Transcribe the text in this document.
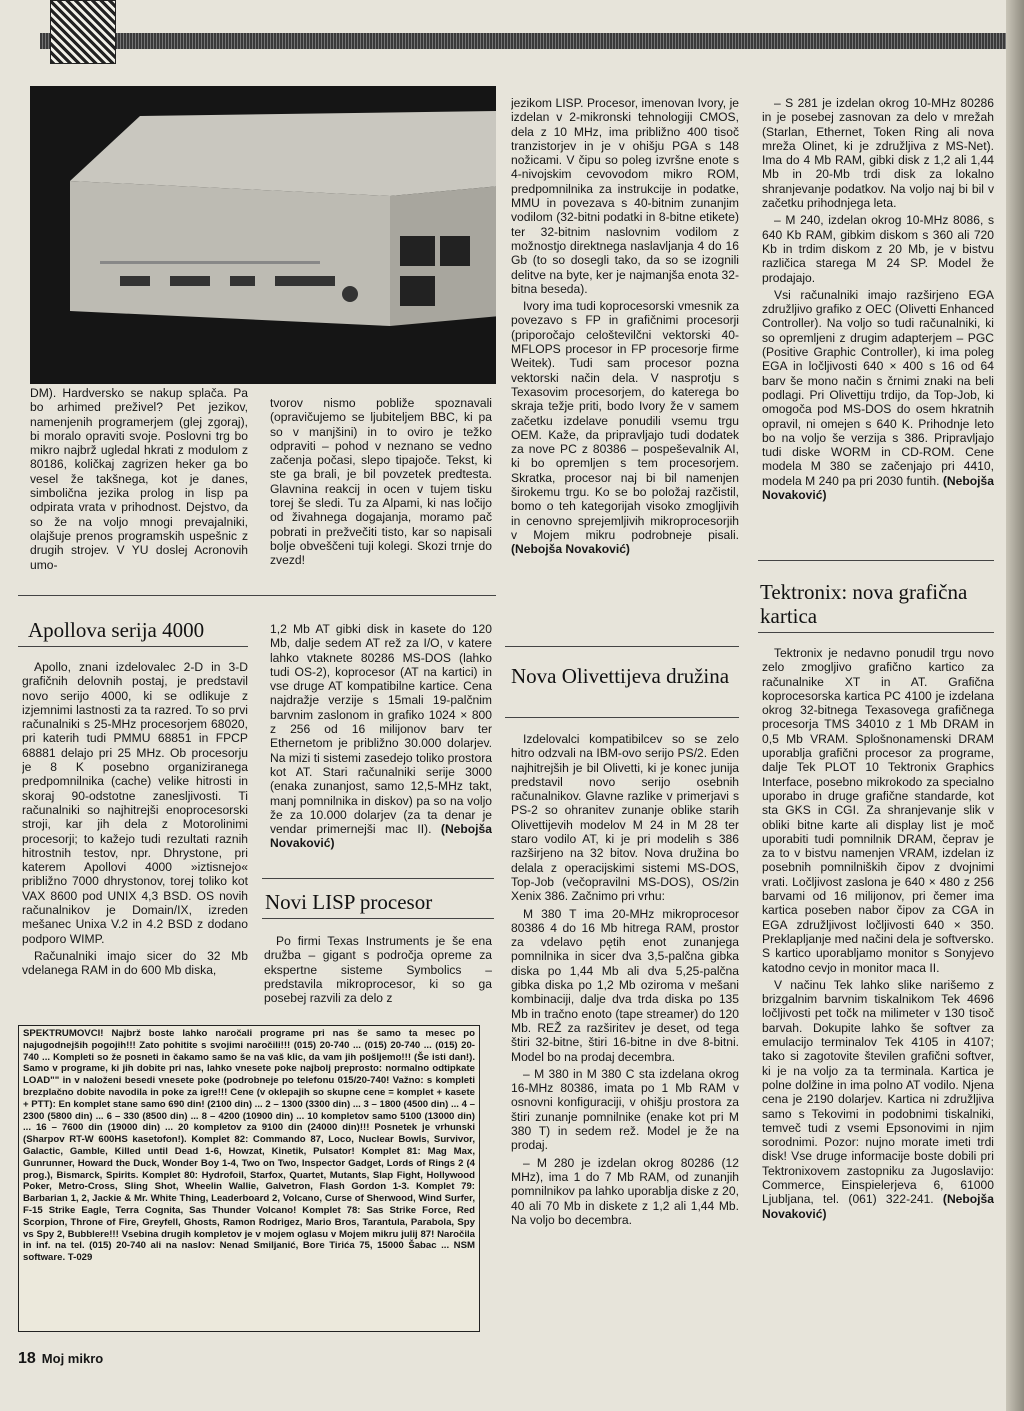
DM). Hardversko se nakup splača. Pa bo arhimed preživel? Pet jezikov, namenjenih programerjem (glej zgoraj), bi moralo opraviti svoje. Poslovni trg bo mikro najbrž ugledal hkrati z modulom z 80186, količkaj zagrizen heker ga bo vesel že takšnega, kot je danes, simbolična jezika prolog in lisp pa odpirata vrata v prihodnost. Dejstvo, da so že na voljo mnogi prevajalniki, olajšuje prenos programskih uspešnic z drugih strojev. V YU doslej Acronovih umo-

tvorov nismo pobliže spoznavali (opravičujemo se ljubiteljem BBC, ki pa so v manjšini) in to oviro je težko odpraviti – pohod v neznano se vedno začenja počasi, slepo tipajoče. Tekst, ki ste ga brali, je bil povzetek predtesta. Glavnina reakcij in ocen v tujem tisku torej še sledi. Tu za Alpami, ki nas ločijo od živahnega dogajanja, moramo pač pobrati in prežvečiti tisto, kar so napisali bolje obveščeni tuji kolegi. Skozi trnje do zvezd!

Apollova serija 4000

Apollo, znani izdelovalec 2-D in 3-D grafičnih delovnih postaj, je predstavil novo serijo 4000, ki se odlikuje z izjemnimi lastnosti za ta razred. To so prvi računalniki s 25-MHz procesorjem 68020, pri katerih tudi PMMU 68851 in FPCP 68881 delajo pri 25 MHz. Ob procesorju je 8 K posebno organiziranega predpomnilnika (cache) velike hitrosti in skoraj 90-odstotne zanesljivosti. Ti računalniki so najhitrejši enoprocesorski stroji, kar jih dela z Motorolinimi procesorji; to kažejo tudi rezultati raznih hitrostnih testov, npr. Dhrystone, pri katerem Apollovi 4000 »iztisnejo« približno 7000 dhrystonov, torej toliko kot VAX 8600 pod UNIX 4,3 BSD. OS novih računalnikov je Domain/IX, izreden mešanec Unixa V.2 in 4.2 BSD z dodano podporo WIMP.

Računalniki imajo sicer do 32 Mb vdelanega RAM in do 600 Mb diska,

1,2 Mb AT gibki disk in kasete do 120 Mb, dalje sedem AT rež za I/O, v katere lahko vtaknete 80286 MS-DOS (lahko tudi OS-2), koprocesor (AT na kartici) in vse druge AT kompatibilne kartice. Cena najdražje verzije s 15mali 19-palčnim barvnim zaslonom in grafiko 1024 × 800 z 256 od 16 milijonov barv ter Ethernetom je približno 30.000 dolarjev. Na mizi ti sistemi zasedejo toliko prostora kot AT. Stari računalniki serije 3000 (enaka zunanjost, samo 12,5-MHz takt, manj pomnilnika in diskov) pa so na voljo že za 10.000 dolarjev (za ta denar je vendar primernejši mac II). (Nebojša Novaković)

Novi LISP procesor

Po firmi Texas Instruments je še ena družba – gigant s področja opreme za ekspertne sisteme Symbolics – predstavila mikroprocesor, ki so ga posebej razvili za delo z

jezikom LISP. Procesor, imenovan Ivory, je izdelan v 2-mikronski tehnologiji CMOS, dela z 10 MHz, ima približno 400 tisoč tranzistorjev in je v ohišju PGA s 148 nožicami. V čipu so poleg izvršne enote s 4-nivojskim cevovodom mikro ROM, predpomnilnika za instrukcije in podatke, MMU in povezava s 40-bitnim zunanjim vodilom (32-bitni podatki in 8-bitne etikete) ter 32-bitnim naslovnim vodilom z možnostjo direktnega naslavljanja 4 do 16 Gb (to so dosegli tako, da so se izognili delitve na byte, ker je najmanjša enota 32-bitna beseda).

Ivory ima tudi koprocesorski vmesnik za povezavo s FP in grafičnimi procesorji (priporočajo celoštevilčni vektorski 40-MFLOPS procesor in FP procesorje firme Weitek). Tudi sam procesor pozna vektorski način dela. V nasprotju s Texasovim procesorjem, do katerega bo skraja težje priti, bodo Ivory že v samem začetku izdelave ponudili vsemu trgu OEM. Kaže, da pripravljajo tudi dodatek za nove PC z 80386 – pospeševalnik AI, ki bo opremljen s tem procesorjem. Skratka, procesor naj bi bil namenjen širokemu trgu. Ko se bo položaj razčistil, bomo o teh kategorijah visoko zmogljivih in cenovno sprejemljivih mikroprocesorjih v Mojem mikru podrobneje pisali. (Nebojša Novaković)

Nova Olivettijeva družina

Izdelovalci kompatibilcev so se zelo hitro odzvali na IBM-ovo serijo PS/2. Eden najhitrejših je bil Olivetti, ki je konec junija predstavil novo serijo osebnih računalnikov. Glavne razlike v primerjavi s PS-2 so ohranitev zunanje oblike starih Olivettijevih modelov M 24 in M 28 ter staro vodilo AT, ki je pri modelih s 386 razširjeno na 32 bitov. Nova družina bo delala z operacijskimi sistemi MS-DOS, Top-Job (večopravilni MS-DOS), OS/2in Xenix 386. Začnimo pri vrhu:

M 380 T ima 20-MHz mikroprocesor 80386 4 do 16 Mb hitrega RAM, prostor za vdelavo pętih enot zunanjega pomnilnika in sicer dva 3,5-palčna gibka diska po 1,44 Mb ali dva 5,25-palčna gibka diska po 1,2 Mb oziroma v mešani kombinaciji, dalje dva trda diska po 135 Mb in tračno enoto (tape streamer) do 120 Mb. REŽ za razširitev je deset, od tega štiri 32-bitne, štiri 16-bitne in dve 8-bitni. Model bo na prodaj decembra.

– M 380 in M 380 C sta izdelana okrog 16-MHz 80386, imata po 1 Mb RAM v osnovni konfiguraciji, v ohišju prostora za štiri zunanje pomnilnike (enake kot pri M 380 T) in sedem rež. Model je že na prodaj.

– M 280 je izdelan okrog 80286 (12 MHz), ima 1 do 7 Mb RAM, od zunanjih pomnilnikov pa lahko uporablja diske z 20, 40 ali 70 Mb in diskete z 1,2 ali 1,44 Mb. Na voljo bo decembra.

– S 281 je izdelan okrog 10-MHz 80286 in je posebej zasnovan za delo v mrežah (Starlan, Ethernet, Token Ring ali nova mreža Olinet, ki je združljiva z MS-Net). Ima do 4 Mb RAM, gibki disk z 1,2 ali 1,44 Mb in 20-Mb trdi disk za lokalno shranjevanje podatkov. Na voljo naj bi bil v začetku prihodnjega leta.

– M 240, izdelan okrog 10-MHz 8086, s 640 Kb RAM, gibkim diskom s 360 ali 720 Kb in trdim diskom z 20 Mb, je v bistvu različica starega M 24 SP. Model že prodajajo.

Vsi računalniki imajo razširjeno EGA združljivo grafiko z OEC (Olivetti Enhanced Controller). Na voljo so tudi računalniki, ki so opremljeni z drugim adapterjem – PGC (Positive Graphic Controller), ki ima poleg EGA in ločljivosti 640 × 400 s 16 od 64 barv še mono način s črnimi znaki na beli podlagi. Pri Olivettiju trdijo, da Top-Job, ki omogoča pod MS-DOS do osem hkratnih opravil, ni omejen s 640 K. Prihodnje leto bo na voljo še verzija s 386. Pripravljajo tudi diske WORM in CD-ROM. Cene modela M 380 se začenjajo pri 4410, modela M 240 pa pri 2030 funtih. (Nebojša Novaković)

Tektronix: nova grafična kartica

Tektronix je nedavno ponudil trgu novo zelo zmogljivo grafično kartico za računalnike XT in AT. Grafična koprocesorska kartica PC 4100 je izdelana okrog 32-bitnega Texasovega grafičnega procesorja TMS 34010 z 1 Mb DRAM in 0,5 Mb VRAM. Splošnonamenski DRAM uporablja grafični procesor za programe, dalje Tek PLOT 10 Tektronix Graphics Interface, posebno mikrokodo za specialno uporabo in druge grafične standarde, kot sta GKS in CGI. Za shranjevanje slik v obliki bitne karte ali display list je moč uporabiti tudi pomnilnik DRAM, čeprav je za to v bistvu namenjen VRAM, izdelan iz posebnih pomnilniških čipov z dvojnimi vrati. Ločljivost zaslona je 640 × 480 z 256 barvami od 16 milijonov, pri čemer ima kartica poseben nabor čipov za CGA in EGA združljivost ločljivosti 640 × 350. Preklapljanje med načini dela je softversko. S kartico uporabljamo monitor s Sonyjevo katodno cevjo in monitor maca II.

V načinu Tek lahko slike narišemo z brizgalnim barvnim tiskalnikom Tek 4696 ločljivosti pet točk na milimeter v 130 tisoč barvah. Dokupite lahko še softver za emulacijo terminalov Tek 4105 in 4107; tako si zagotovite številen grafični softver, ki je na voljo za ta terminala. Kartica je polne dolžine in ima polno AT vodilo. Njena cena je 2190 dolarjev. Kartica ni združljiva samo s Tekovimi in podobnimi tiskalniki, temveč tudi z vsemi Epsonovimi in njim sorodnimi. Pozor: nujno morate imeti trdi disk! Vse druge informacije boste dobili pri Tektronixovem zastopniku za Jugoslavijo: Commerce, Einspielerjeva 6, 61000 Ljubljana, tel. (061) 322-241. (Nebojša Novaković)

SPEKTRUMOVCI! Najbrž boste lahko naročali programe pri nas še samo ta mesec po najugodnejših pogojih!!! Zato pohitite s svojimi naročili!!! (015) 20-740 ... (015) 20-740 ... (015) 20-740 ... Kompleti so že posneti in čakamo samo še na vaš klic, da vam jih pošljemo!!! (Še isti dan!). Samo v programe, ki jih dobite pri nas, lahko vnesete poke najbolj preprosto: normalno odtipkate LOAD"" in v naloženi besedi vnesete poke (podrobneje po telefonu 015/20-740! Važno: s kompleti brezplačno dobite navodila in poke za igre!!! Cene (v oklepajih so skupne cene = komplet + kasete + PTT): En komplet stane samo 690 din! (2100 din) ... 2 – 1300 (3300 din) ... 3 – 1800 (4500 din) ... 4 – 2300 (5800 din) ... 6 – 330 (8500 din) ... 8 – 4200 (10900 din) ... 10 kompletov samo 5100 (13000 din) ... 16 – 7600 din (19000 din) ... 20 kompletov za 9100 din (24000 din)!!! Posnetek je vrhunski (Sharpov RT-W 600HS kasetofon!). Komplet 82: Commando 87, Loco, Nuclear Bowls, Survivor, Galactic, Gamble, Killed until Dead 1-6, Howzat, Kinetik, Pulsator! Komplet 81: Mag Max, Gunrunner, Howard the Duck, Wonder Boy 1-4, Two on Two, Inspector Gadget, Lords of Rings 2 (4 prog.), Bismarck, Spirits. Komplet 80: Hydrofoil, Starfox, Quartet, Mutants, Slap Fight, Hollywood Poker, Metro-Cross, Sling Shot, Wheelin Wallie, Galvetron, Flash Gordon 1-3. Komplet 79: Barbarian 1, 2, Jackie & Mr. White Thing, Leaderboard 2, Volcano, Curse of Sherwood, Wind Surfer, F-15 Strike Eagle, Terra Cognita, Sas Thunder Volcano! Komplet 78: Sas Strike Force, Red Scorpion, Throne of Fire, Greyfell, Ghosts, Ramon Rodrigez, Mario Bros, Tarantula, Parabola, Spy vs Spy 2, Bubblere!!! Vsebina drugih kompletov je v mojem oglasu v Mojem mikru julij 87! Naročila in inf. na tel. (015) 20-740 ali na naslov: Nenad Smiljanić, Bore Tirića 75, 15000 Šabac ... NSM software. T-029

18 Moj mikro
